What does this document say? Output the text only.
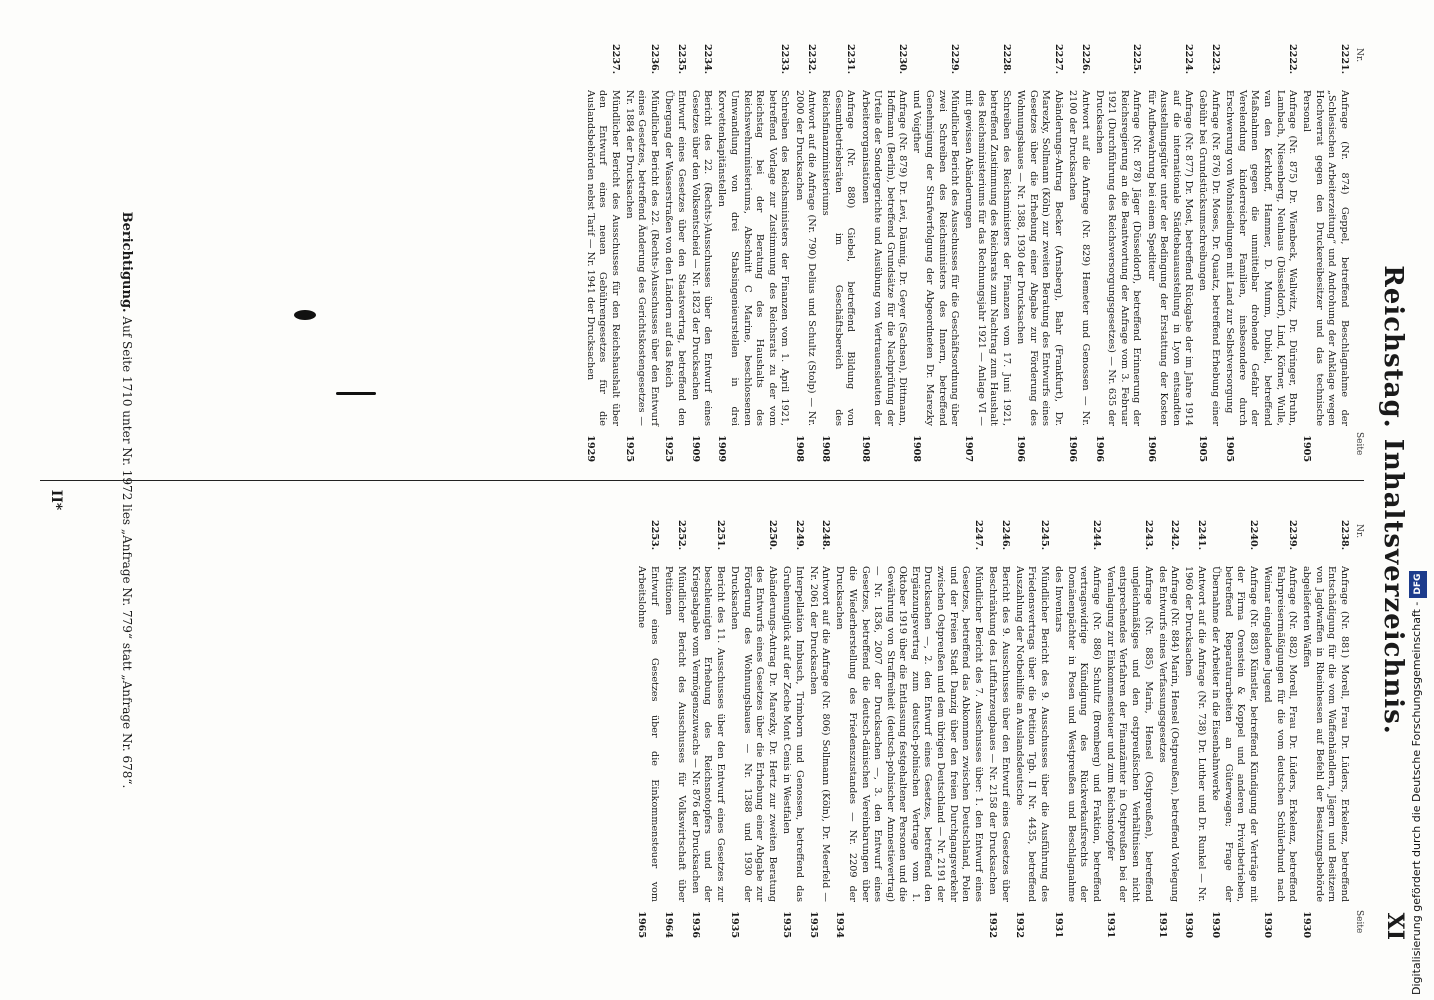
Reichstag. Inhaltsverzeichnis.
XI
Nr.
Seite
Nr.
Seite
2221.
Anfrage (Nr. 874) Geppel, betreffend Beschlagnahme der „Schlesischen Arbeiterzeitung“ und Androhung der Anklage wegen Hochverrat gegen den Druckereibesitzer und das technische Personal
1905
2222.
Anfrage (Nr. 875) Dr. Wienbeck, Wallwitz, Dr. Düringer, Bruhn, Lambach, Niesenberg, Neuhaus (Düsseldorf), Lind, Körner, Wulle, van den Kerkhoff, Hammer, D. Mumm, Dubiel, betreffend Maßnahmen gegen die unmittelbar drohende Gefahr der Verelendung kinderreicher Familien, insbesondere durch Erschwerung von Wohnsiedlungen mit Land zur Selbstversorgung
1905
2223.
Anfrage (Nr. 876) Dr. Moses, Dr. Quaatz, betreffend Erhebung einer Gebühr bei Grundstücksumschreibungen
1905
2224.
Anfrage (Nr. 877) Dr. Most, betreffend Rückgabe der im Jahre 1914 auf die internationale Städtebauausstellung in Lyon entsandten Ausstellungsgüter unter der Bedingung der Erstattung der Kosten für Aufbewahrung bei einem Spediteur
1906
2225.
Anfrage (Nr. 878) Jäger (Düsseldorf), betreffend Erinnerung der Reichsregierung an die Beantwortung der Anfrage vom 3. Februar 1921 (Durchführung des Reichsversorgungsgesetzes) — Nr. 635 der Drucksachen
1906
2226.
Antwort auf die Anfrage (Nr. 829) Hemeter und Genossen — Nr. 2100 der Drucksachen
1906
2227.
Abänderungs-Antrag Becker (Arnsberg), Bahr (Frankfurt), Dr. Marezky, Sollmann (Köln) zur zweiten Beratung des Entwurfs eines Gesetzes über die Erhebung einer Abgabe zur Förderung des Wohnungsbaues — Nr. 1388, 1930 der Drucksachen
1906
2228.
Schreiben des Reichsministers der Finanzen vom 17. Juni 1921, betreffend Zustimmung des Reichsrats zum Nachtrag zum Haushalt des Reichsministeriums für das Rechnungsjahr 1921 — Anlage VI — mit gewissen Abänderungen
1907
2229.
Mündlicher Bericht des Ausschusses für die Geschäftsordnung über zwei Schreiben des Reichsministers des Innern, betreffend Genehmigung der Strafverfolgung der Abgeordneten Dr. Marezky und Voigther
1908
2230.
Anfrage (Nr. 879) Dr. Levi, Däumig, Dr. Geyer (Sachsen), Dittmann, Hoffmann (Berlin), betreffend Grundsätze für die Nachprüfung der Urteile der Sondergerichte und Ausübung von Vertrauensleuten der Arbeiterorganisationen
1908
2231.
Anfrage (Nr. 880) Giebel, betreffend Bildung von Gesamtbetriebsräten im Geschäftsbereich des Reichsfinanzministeriums
1908
2232.
Antwort auf die Anfrage (Nr. 790) Delius und Schultz (Stolp) — Nr. 2000 der Drucksachen
1908
2233.
Schreiben des Reichsministers der Finanzen vom 1. April 1921, betreffend Vorlage zur Zustimmung des Reichsrats zu der vom Reichstag bei der Beratung des Haushalts des Reichswehrministeriums, Abschnitt C Marine, beschlossenen Umwandlung von drei Stabsingenieurstellen in drei Korvettenkapitänstellen
1909
2234.
Bericht des 22. (Rechts-)Ausschusses über den Entwurf eines Gesetzes über den Volksentscheid — Nr. 1823 der Drucksachen
1909
2235.
Entwurf eines Gesetzes über den Staatsvertrag, betreffend den Übergang der Wasserstraßen von den Ländern auf das Reich
1925
2236.
Mündlicher Bericht des 22. (Rechts-)Ausschusses über den Entwurf eines Gesetzes, betreffend Änderung des Gerichtskostengesetzes — Nr. 1884 der Drucksachen
1925
2237.
Mündlicher Bericht des Ausschusses für den Reichshaushalt über den Entwurf eines neuen Gebührengesetzes für die Auslandsbehörden nebst Tarif — Nr. 1941 der Drucksachen
1929
2238.
Anfrage (Nr. 881) Morell, Frau Dr. Lüders, Erkelenz, betreffend Entschädigung für die vom Waffenhändlern, Jägern und Besitzern von Jagdwaffen in Rheinhessen auf Befehl der Besatzungsbehörde abgelieferten Waffen
1930
2239.
Anfrage (Nr. 882) Morell, Frau Dr. Lüders, Erkelenz, betreffend Fahrpreisermäßigungen für die vom deutschen Schülerbund nach Weimar eingeladene Jugend
1930
2240.
Anfrage (Nr. 883) Künstler, betreffend Kündigung der Verträge mit der Firma Orenstein & Koppel und anderen Privatbetrieben, betreffend Reparaturarbeiten an Güterwagen; Frage der Übernahme der Arbeiter in die Eisenbahnwerke
1930
2241.
Antwort auf die Anfrage (Nr. 738) Dr. Luther und Dr. Runkel — Nr. 1960 der Drucksachen
1930
2242.
Anfrage (Nr. 884) Marin, Hensel (Ostpreußen), betreffend Vorlegung des Entwurfs eines Verfassungsgesetzes
1931
2243.
Anfrage (Nr. 885) Marin, Hensel (Ostpreußen), betreffend ungleichmäßiges und den ostpreußischen Verhältnissen nicht entsprechendes Verfahren der Finanzämter in Ostpreußen bei der Veranlagung zur Einkommensteuer und zum Reichsnotopfer
1931
2244.
Anfrage (Nr. 886) Schultz (Bromberg) und Fraktion, betreffend vertragswidrige Kündigung des Rückverkaufsrechts der Domänenpächter in Posen und Westpreußen und Beschlagnahme des Inventars
1931
2245.
Mündlicher Bericht des 9. Ausschusses über die Ausführung des Friedensvertrags über die Petition Tgb. II Nr. 4435, betreffend Auszahlung der Notbeihilfe an Auslandsdeutsche
1932
2246.
Bericht des 9. Ausschusses über den Entwurf eines Gesetzes über Beschränkung des Luftfahrzeugbaues — Nr. 2158 der Drucksachen
1932
2247.
Mündlicher Bericht des 7. Ausschusses über: 1. den Entwurf eines Gesetzes, betreffend das Abkommen zwischen Deutschland, Polen und der Freien Stadt Danzig über den freien Durchgangsverkehr zwischen Ostpreußen und dem übrigen Deutschland — Nr. 2191 der Drucksachen —, 2. den Entwurf eines Gesetzes, betreffend den Ergänzungsvertrag zum deutsch-polnischen Vertrage vom 1. Oktober 1919 über die Entlassung festgehaltener Personen und die Gewährung von Straffreiheit (deutsch-polnischer Amnestievertrag) — Nr. 1836, 2007 der Drucksachen —, 3. den Entwurf eines Gesetzes, betreffend die deutsch-dänischen Vereinbarungen über die Wiederherstellung des Friedenszustandes — Nr. 2209 der Drucksachen
1934
2248.
Antwort auf die Anfrage (Nr. 806) Sollmann (Köln), Dr. Meerfeld — Nr. 2061 der Drucksachen
1935
2249.
Interpellation Imbusch, Trimborn und Genossen, betreffend das Grubenunglück auf der Zeche Mont Cenis in Westfalen
1935
2250.
Abänderungs-Antrag Dr. Marezky, Dr. Hertz zur zweiten Beratung des Entwurfs eines Gesetzes über die Erhebung einer Abgabe zur Förderung des Wohnungsbaues — Nr. 1388 und 1930 der Drucksachen
1935
2251.
Bericht des 11. Ausschusses über den Entwurf eines Gesetzes zur beschleunigten Erhebung des Reichsnotopfers und der Kriegsabgabe vom Vermögenszuwachs — Nr. 876 der Drucksachen
1936
2252.
Mündlicher Bericht des Ausschusses für Volkswirtschaft über Petitionen
1964
2253.
Entwurf eines Gesetzes über die Einkommensteuer vom Arbeitslohne
1965
Berichtigung. Auf Seite 1710 unter Nr. 1972 lies „Anfrage Nr. 779“ statt „Anfrage Nr. 678“.
II*
Digitalisierung gefördert durch die Deutsche Forschungsgemeinschaft -DFG
